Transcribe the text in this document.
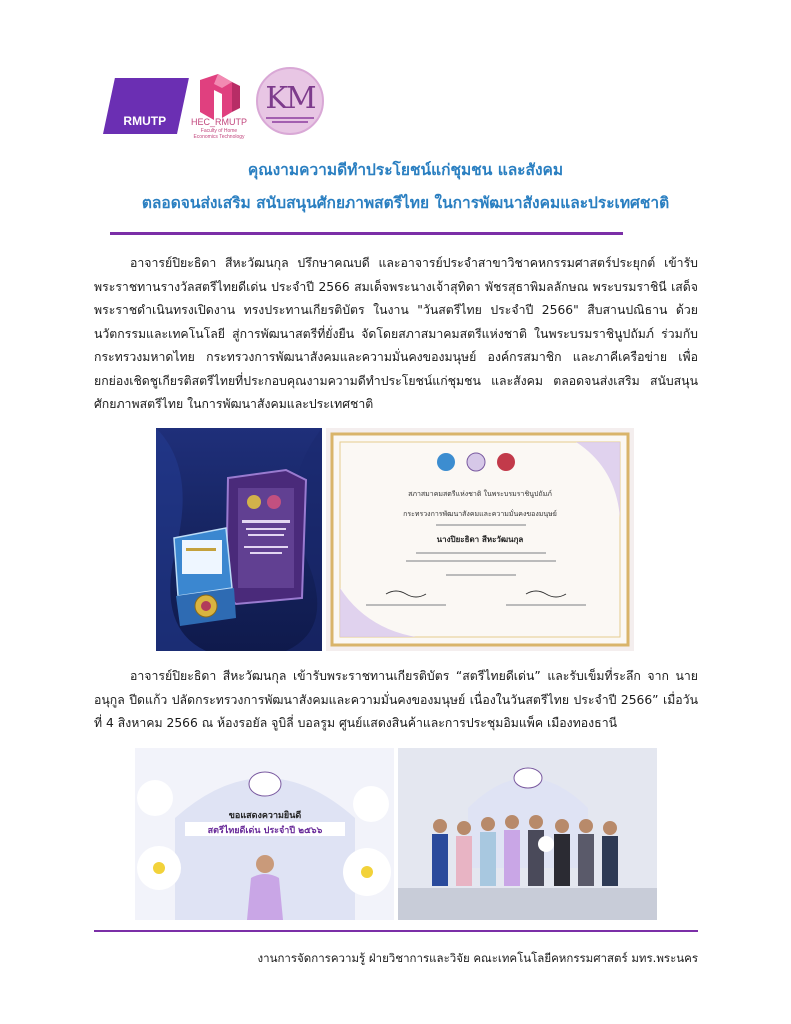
RMUTP	HEC_RMUTP
Faculty of Home Economics Technology
KM
คุณงามความดีทำประโยชน์แก่ชุมชน และสังคม
ตลอดจนส่งเสริม สนับสนุนศักยภาพสตรีไทย ในการพัฒนาสังคมและประเทศชาติ
อาจารย์ปิยะธิดา สีหะวัฒนกุล ปรึกษาคณบดี และอาจารย์ประจำสาขาวิชาคหกรรมศาสตร์ประยุกต์ เข้ารับพระราชทานรางวัลสตรีไทยดีเด่น ประจำปี 2566 สมเด็จพระนางเจ้าสุทิดา พัชรสุธาพิมลลักษณ พระบรมราชินี เสด็จพระราชดำเนินทรงเปิดงาน ทรงประทานเกียรติบัตร ในงาน "วันสตรีไทย ประจำปี 2566" สืบสานปณิธาน ด้วยนวัตกรรมและเทคโนโลยี สู่การพัฒนาสตรีที่ยั่งยืน จัดโดยสภาสมาคมสตรีแห่งชาติ ในพระบรมราชินูปถัมภ์ ร่วมกับกระทรวงมหาดไทย กระทรวงการพัฒนาสังคมและความมั่นคงของมนุษย์ องค์กรสมาชิก และภาคีเครือข่าย เพื่อยกย่องเชิดชูเกียรติสตรีไทยที่ประกอบคุณงามความดีทำประโยชน์แก่ชุมชน และสังคม ตลอดจนส่งเสริม สนับสนุนศักยภาพสตรีไทย ในการพัฒนาสังคมและประเทศชาติ
สภาสมาคมสตรีแห่งชาติ ในพระบรมราชินูปถัมภ์
กระทรวงการพัฒนาสังคมและความมั่นคงของมนุษย์
นางปิยะธิดา สีหะวัฒนกุล
อาจารย์ปิยะธิดา สีหะวัฒนกุล เข้ารับพระราชทานเกียรติบัตร “สตรีไทยดีเด่น” และรับเข็มที่ระลึก จาก นายอนุกูล ปีดแก้ว ปลัดกระทรวงการพัฒนาสังคมและความมั่นคงของมนุษย์ เนื่องในวันสตรีไทย ประจำปี 2566” เมื่อวันที่ 4 สิงหาคม 2566 ณ ห้องรอยัล จูบิลี่ บอลรูม ศูนย์แสดงสินค้าและการประชุมอิมแพ็ค เมืองทองธานี
ขอแสดงความยินดี
สตรีไทยดีเด่น ประจำปี ๒๕๖๖
งานการจัดการความรู้ ฝ่ายวิชาการและวิจัย คณะเทคโนโลยีคหกรรมศาสตร์ มทร.พระนคร
